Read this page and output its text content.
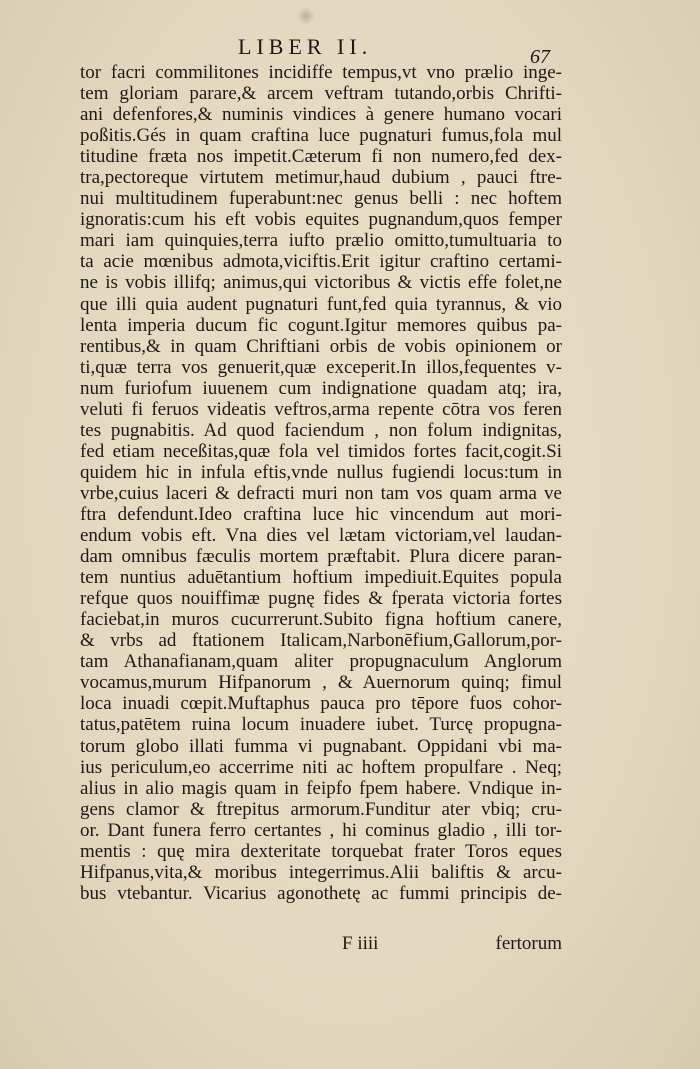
LIBER II.	67
tor facri commilitones incidiffe tempus,vt vno prælio inge-
tem gloriam parare,& arcem veftram tutando,orbis Chrifti-
ani defenfores,& numinis vindices à genere humano vocari
poßitis.Gés in quam craftina luce pugnaturi fumus,fola mul
titudine fræta nos impetit.Cæterum fi non numero,fed dex-
tra,pectoreque virtutem metimur,haud dubium , pauci ftre-
nui multitudinem fuperabunt:nec genus belli : nec hoftem
ignoratis:cum his eft vobis equites pugnandum,quos femper
mari iam quinquies,terra iufto prælio omitto,tumultuaria to
ta acie mœnibus admota,viciftis.Erit igitur craftino certami-
ne is vobis illifq; animus,qui victoribus & victis effe folet,ne
que illi quia audent pugnaturi funt,fed quia tyrannus, & vio
lenta imperia ducum fic cogunt.Igitur memores quibus pa-
rentibus,& in quam Chriftiani orbis de vobis opinionem or
ti,quæ terra vos genuerit,quæ exceperit.In illos,fequentes v-
num furiofum iuuenem cum indignatione quadam atq; ira,
veluti fi feruos videatis veftros,arma repente cōtra vos feren
tes pugnabitis. Ad quod faciendum , non folum indignitas,
fed etiam neceßitas,quæ fola vel timidos fortes facit,cogit.Si
quidem hic in infula eftis,vnde nullus fugiendi locus:tum in
vrbe,cuius laceri & defracti muri non tam vos quam arma ve
ftra defendunt.Ideo craftina luce hic vincendum aut mori-
endum vobis eft. Vna dies vel lætam victoriam,vel laudan-
dam omnibus fæculis mortem præftabit. Plura dicere paran-
tem nuntius aduētantium hoftium impediuit.Equites popula
refque quos nouiffimæ pugnę fides & fperata victoria fortes
faciebat,in muros cucurrerunt.Subito figna hoftium canere,
& vrbs ad ftationem Italicam,Narbonēfium,Gallorum,por-
tam Athanafianam,quam aliter propugnaculum Anglorum
vocamus,murum Hifpanorum , & Auernorum quinq; fimul
loca inuadi cœpit.Muftaphus pauca pro tēpore fuos cohor-
tatus,patētem ruina locum inuadere iubet. Turcę propugna-
torum globo illati fumma vi pugnabant. Oppidani vbi ma-
ius periculum,eo accerrime niti ac hoftem propulfare . Neq;
alius in alio magis quam in feipfo fpem habere. Vndique in-
gens clamor & ftrepitus armorum.Funditur ater vbiq; cru-
or. Dant funera ferro certantes , hi cominus gladio , illi tor-
mentis : quę mira dexteritate torquebat frater Toros eques
Hifpanus,vita,& moribus integerrimus.Alii baliftis & arcu-
bus vtebantur. Vicarius agonothetę ac fummi principis de-
F iiii	fertorum
